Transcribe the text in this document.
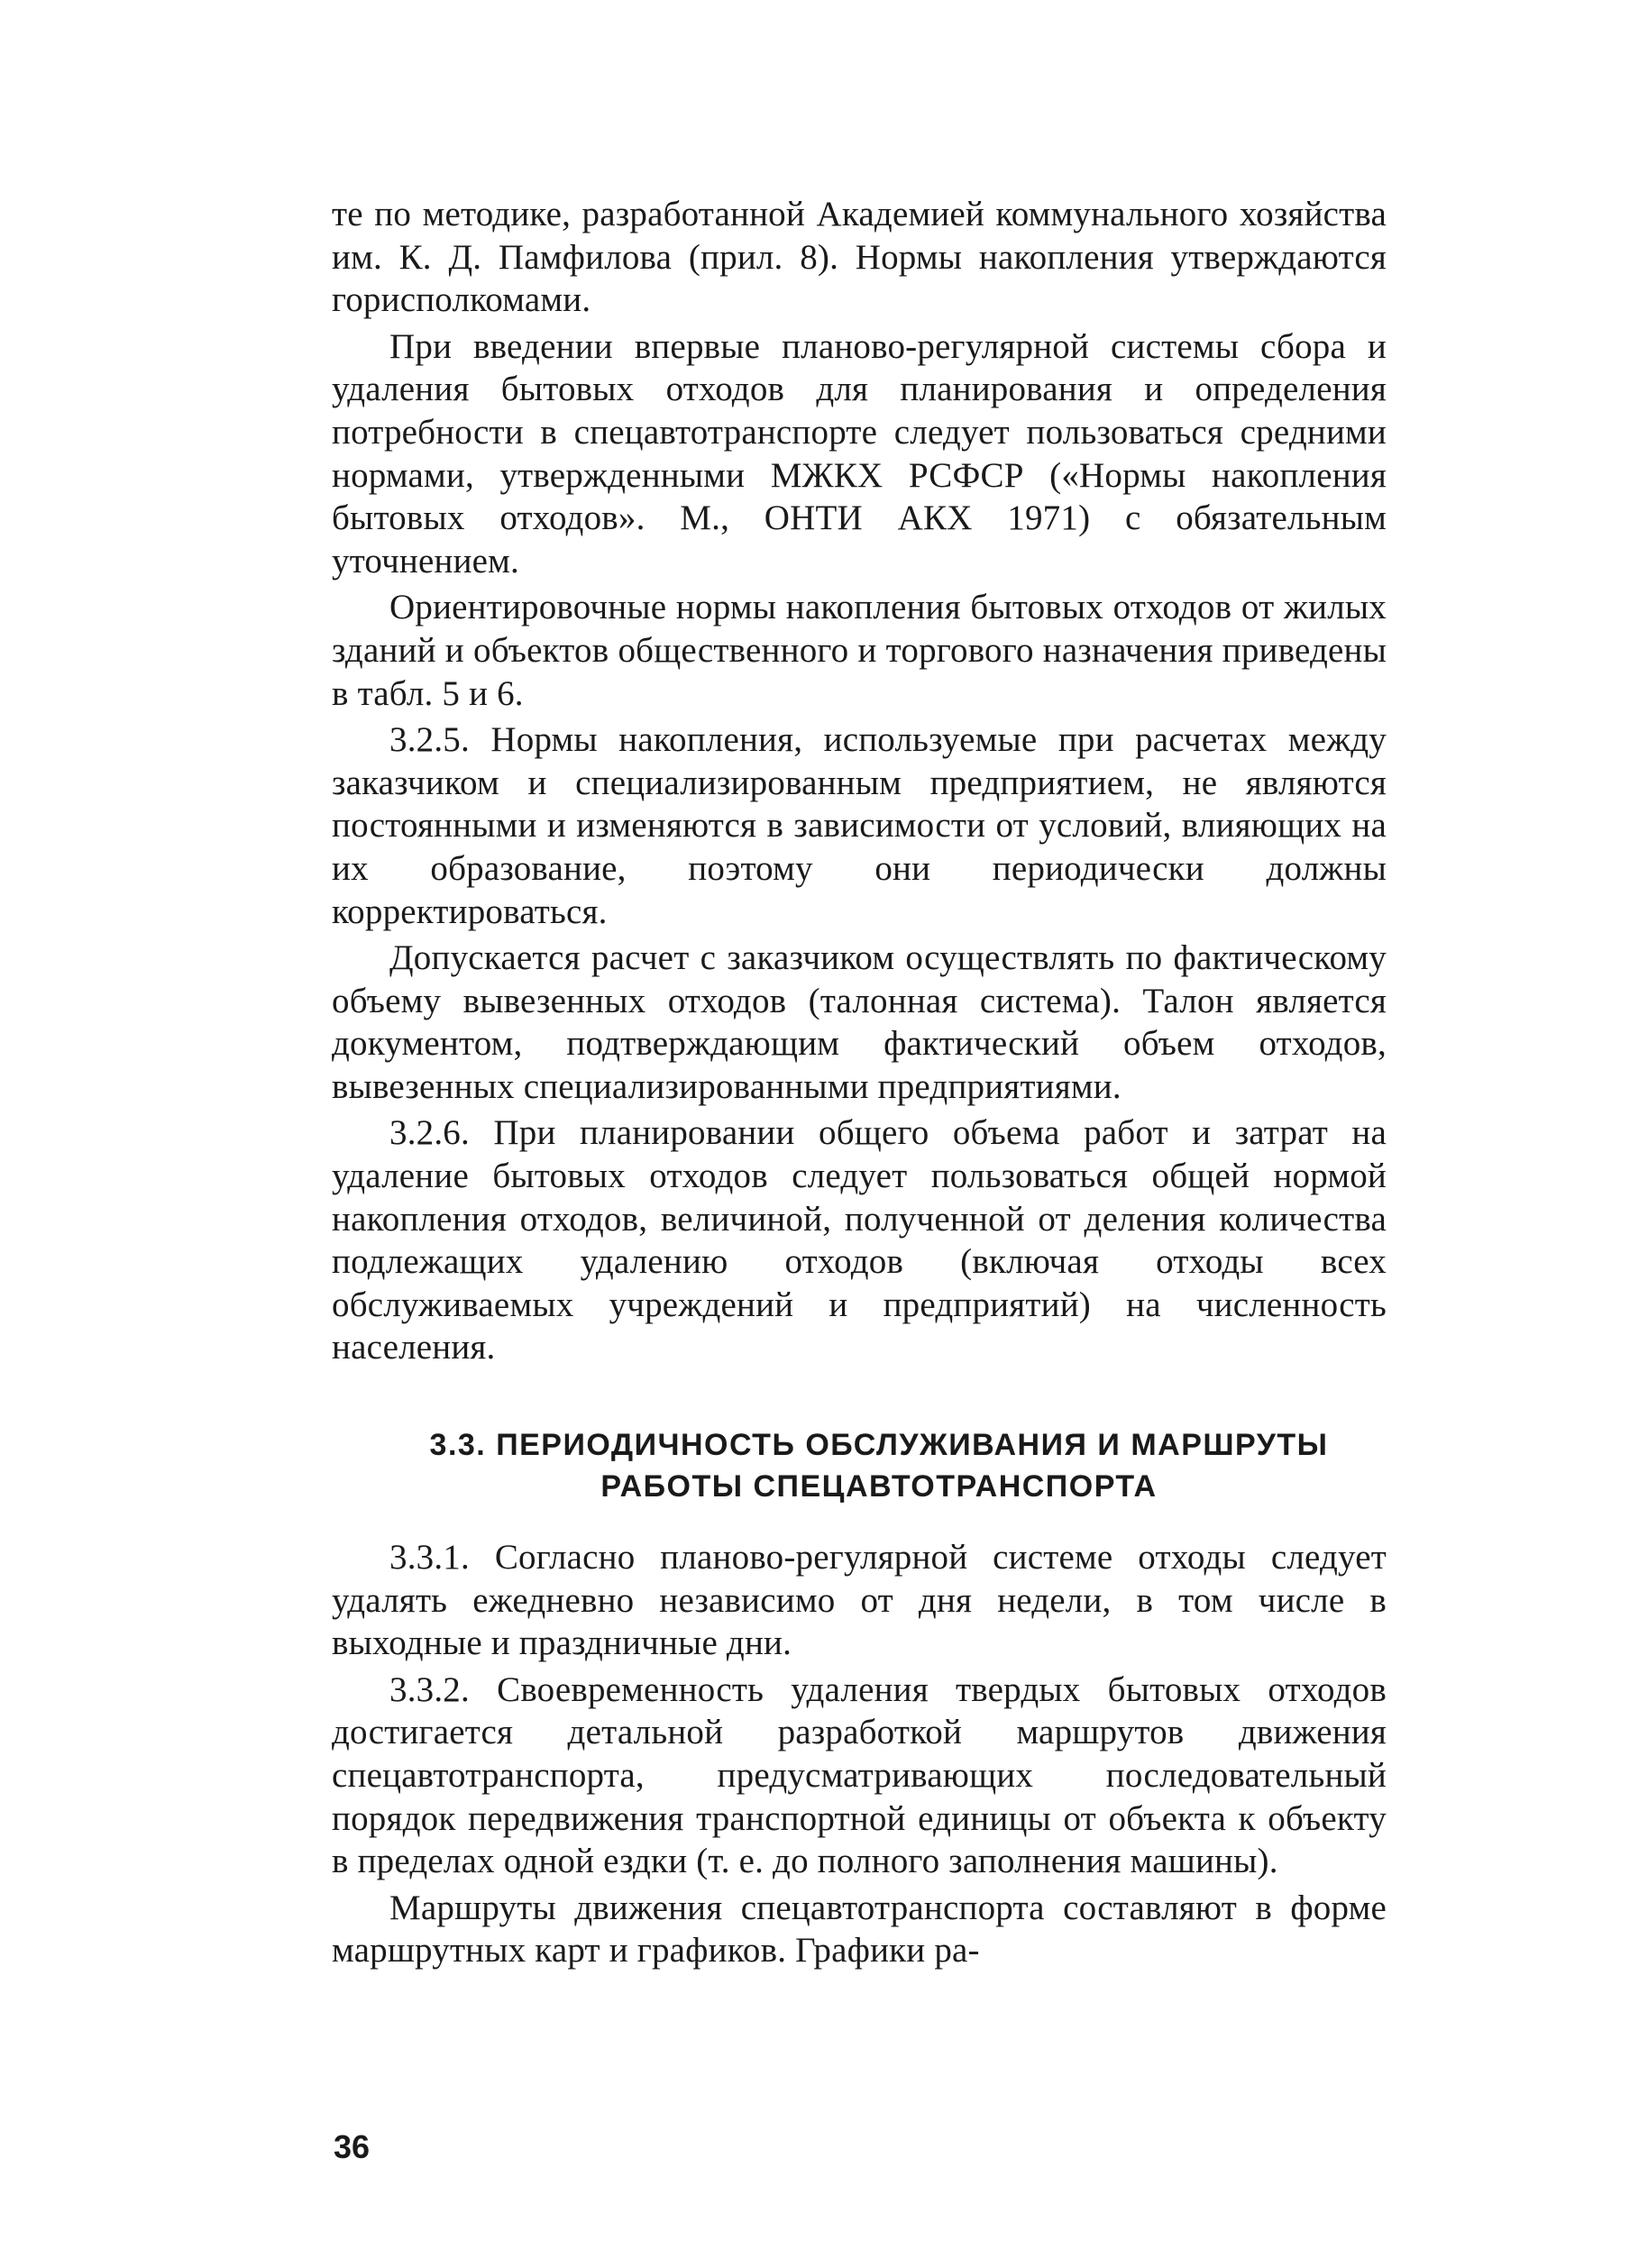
те по методике, разработанной Академией коммунального хозяйства им. К. Д. Памфилова (прил. 8). Нормы накопления утверждаются горисполкомами.

При введении впервые планово-регулярной системы сбора и удаления бытовых отходов для планирования и определения потребности в спецавтотранспорте следует пользоваться средними нормами, утвержденными МЖКХ РСФСР («Нормы накопления бытовых отходов». М., ОНТИ АКХ 1971) с обязательным уточнением.

Ориентировочные нормы накопления бытовых отходов от жилых зданий и объектов общественного и торгового назначения приведены в табл. 5 и 6.

3.2.5. Нормы накопления, используемые при расчетах между заказчиком и специализированным предприятием, не являются постоянными и изменяются в зависимости от условий, влияющих на их образование, поэтому они периодически должны корректироваться.

Допускается расчет с заказчиком осуществлять по фактическому объему вывезенных отходов (талонная система). Талон является документом, подтверждающим фактический объем отходов, вывезенных специализированными предприятиями.

3.2.6. При планировании общего объема работ и затрат на удаление бытовых отходов следует пользоваться общей нормой накопления отходов, величиной, полученной от деления количества подлежащих удалению отходов (включая отходы всех обслуживаемых учреждений и предприятий) на численность населения.

3.3. ПЕРИОДИЧНОСТЬ ОБСЛУЖИВАНИЯ И МАРШРУТЫ
РАБОТЫ СПЕЦАВТОТРАНСПОРТА

3.3.1. Согласно планово-регулярной системе отходы следует удалять ежедневно независимо от дня недели, в том числе в выходные и праздничные дни.

3.3.2. Своевременность удаления твердых бытовых отходов достигается детальной разработкой маршрутов движения спецавтотранспорта, предусматривающих последовательный порядок передвижения транспортной единицы от объекта к объекту в пределах одной ездки (т. е. до полного заполнения машины).

Маршруты движения спецавтотранспорта составляют в форме маршрутных карт и графиков. Графики ра-

36
